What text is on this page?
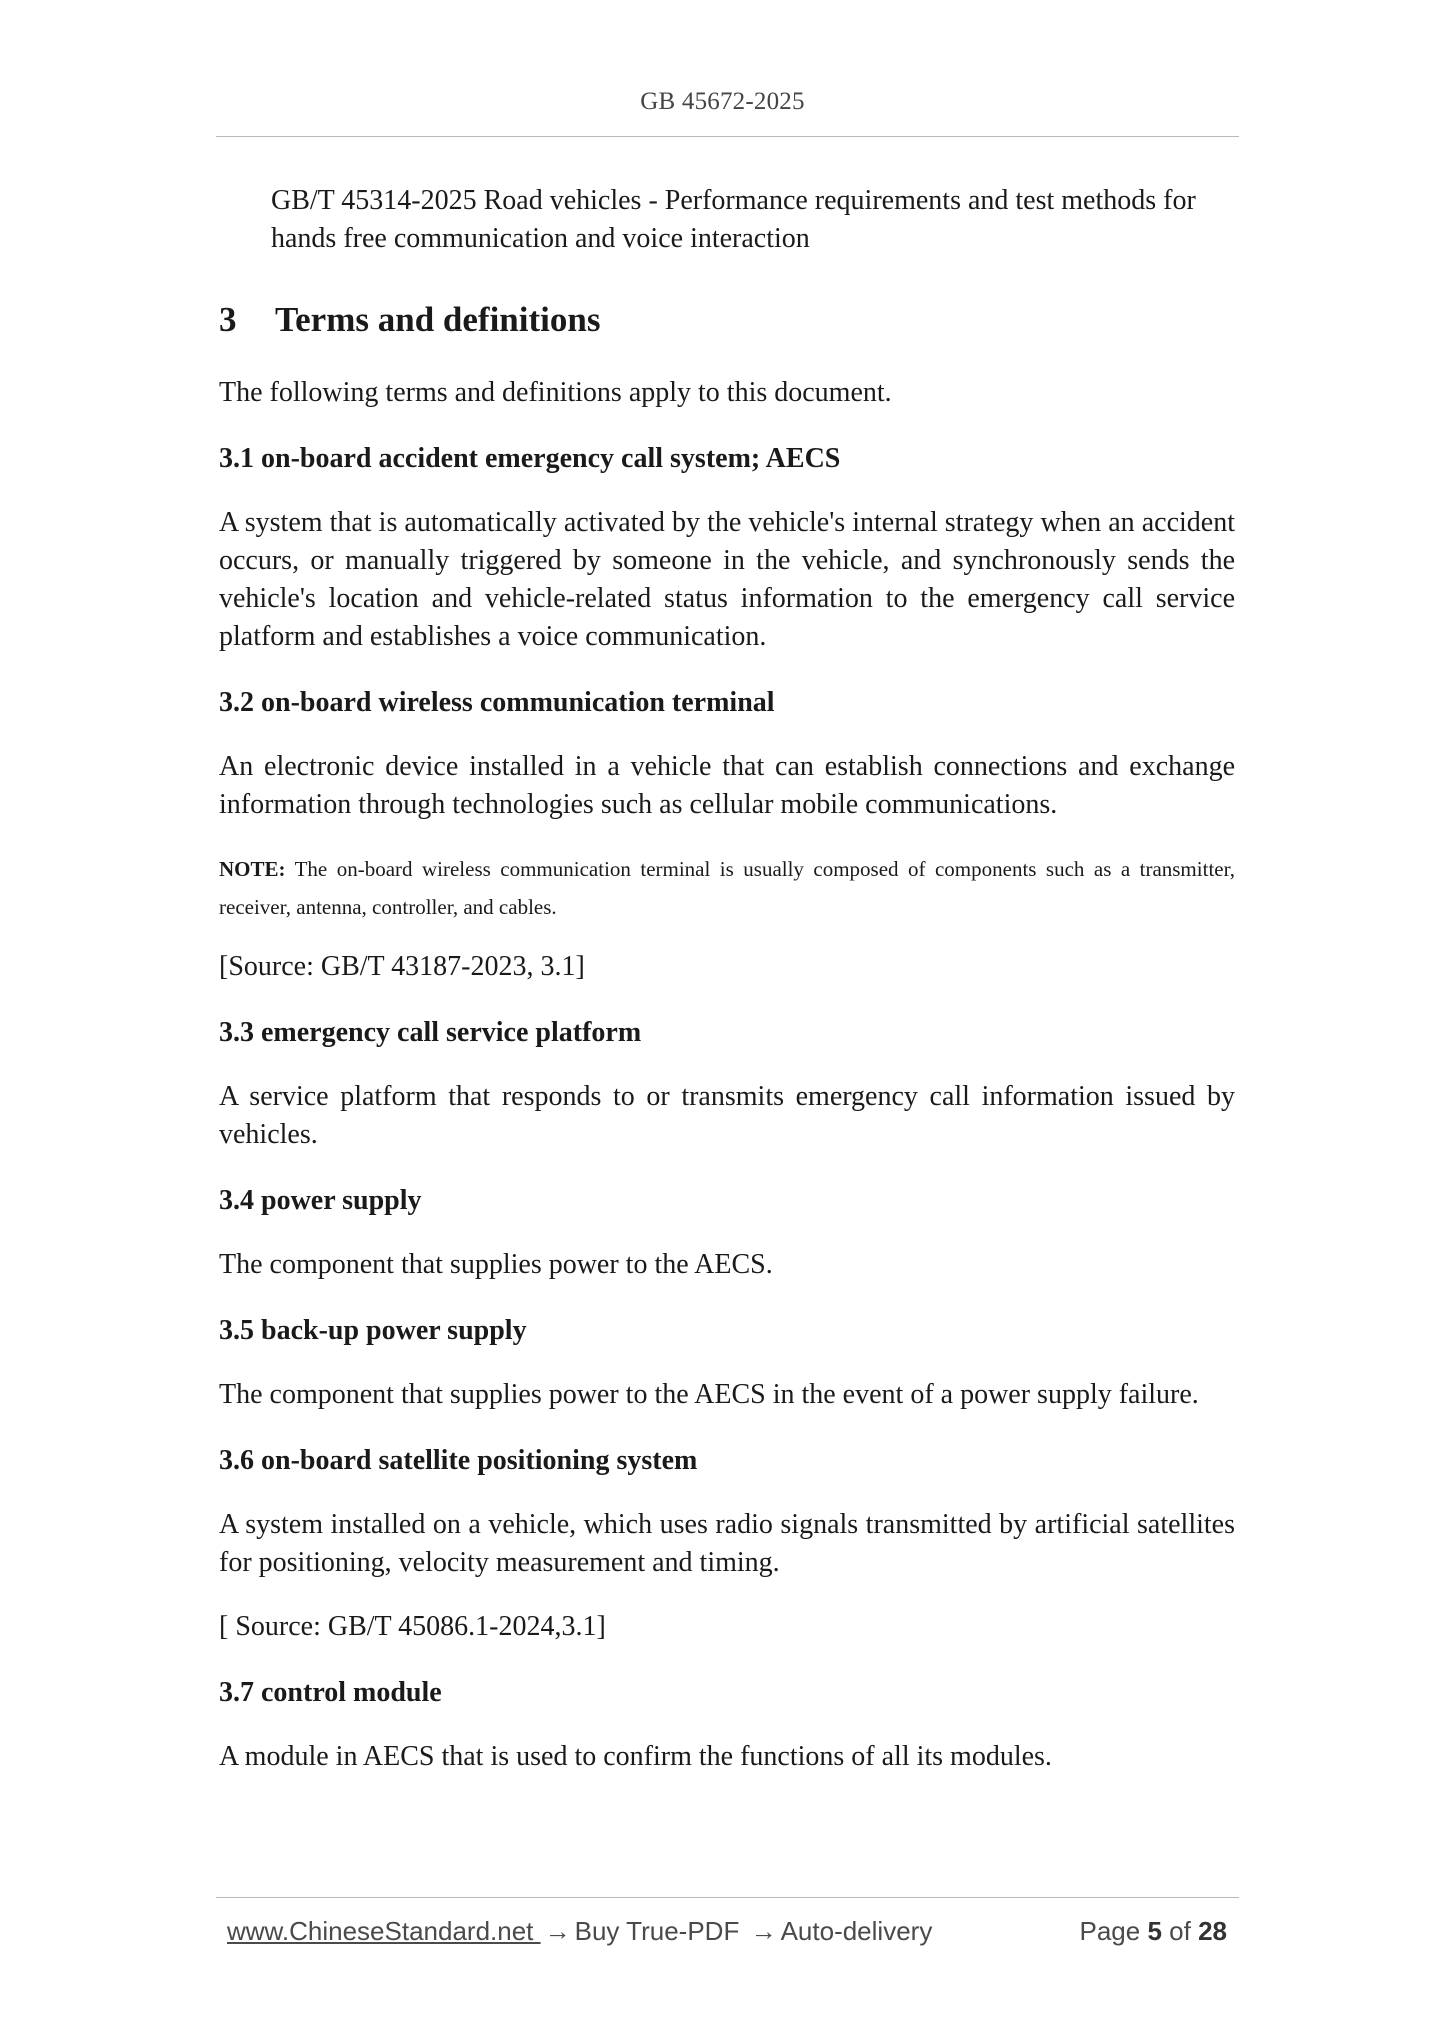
GB 45672-2025
GB/T 45314-2025 Road vehicles - Performance requirements and test methods for
hands free communication and voice interaction
3	Terms and definitions
The following terms and definitions apply to this document.
3.1 on-board accident emergency call system; AECS
A system that is automatically activated by the vehicle's internal strategy when an accident occurs, or manually triggered by someone in the vehicle, and synchronously sends the vehicle's location and vehicle-related status information to the emergency call service platform and establishes a voice communication.
3.2 on-board wireless communication terminal
An electronic device installed in a vehicle that can establish connections and exchange information through technologies such as cellular mobile communications.
NOTE: The on-board wireless communication terminal is usually composed of components such as a transmitter, receiver, antenna, controller, and cables.
[Source: GB/T 43187-2023, 3.1]
3.3 emergency call service platform
A service platform that responds to or transmits emergency call information issued by vehicles.
3.4 power supply
The component that supplies power to the AECS.
3.5 back-up power supply
The component that supplies power to the AECS in the event of a power supply failure.
3.6 on-board satellite positioning system
A system installed on a vehicle, which uses radio signals transmitted by artificial satellites for positioning, velocity measurement and timing.
[ Source: GB/T 45086.1-2024,3.1]
3.7 control module
A module in AECS that is used to confirm the functions of all its modules.
www.ChineseStandard.net → Buy True-PDF → Auto-delivery	Page 5 of 28
